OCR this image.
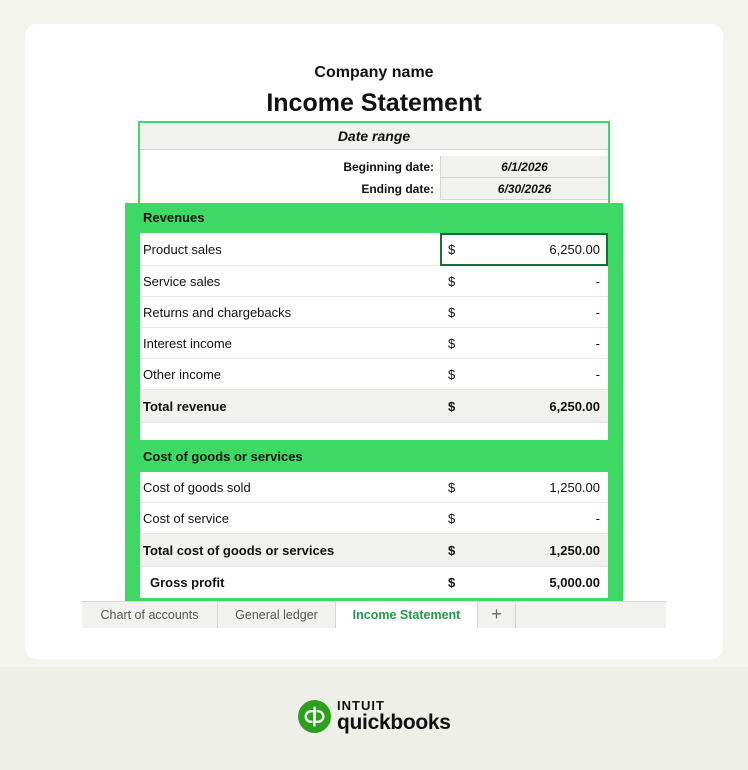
Company name
Income Statement
Date range
Beginning date:	6/1/2026
Ending date:	6/30/2026
Revenues
Product sales	$	6,250.00
Service sales	$	-
Returns and chargebacks	$	-
Interest income	$	-
Other income	$	-
Total revenue	$	6,250.00
Cost of goods or services
Cost of goods sold	$	1,250.00
Cost of service	$	-
Total cost of goods or services	$	1,250.00
Gross profit	$	5,000.00
Chart of accounts	General ledger	Income Statement	+
INTUIT
quickbooks
